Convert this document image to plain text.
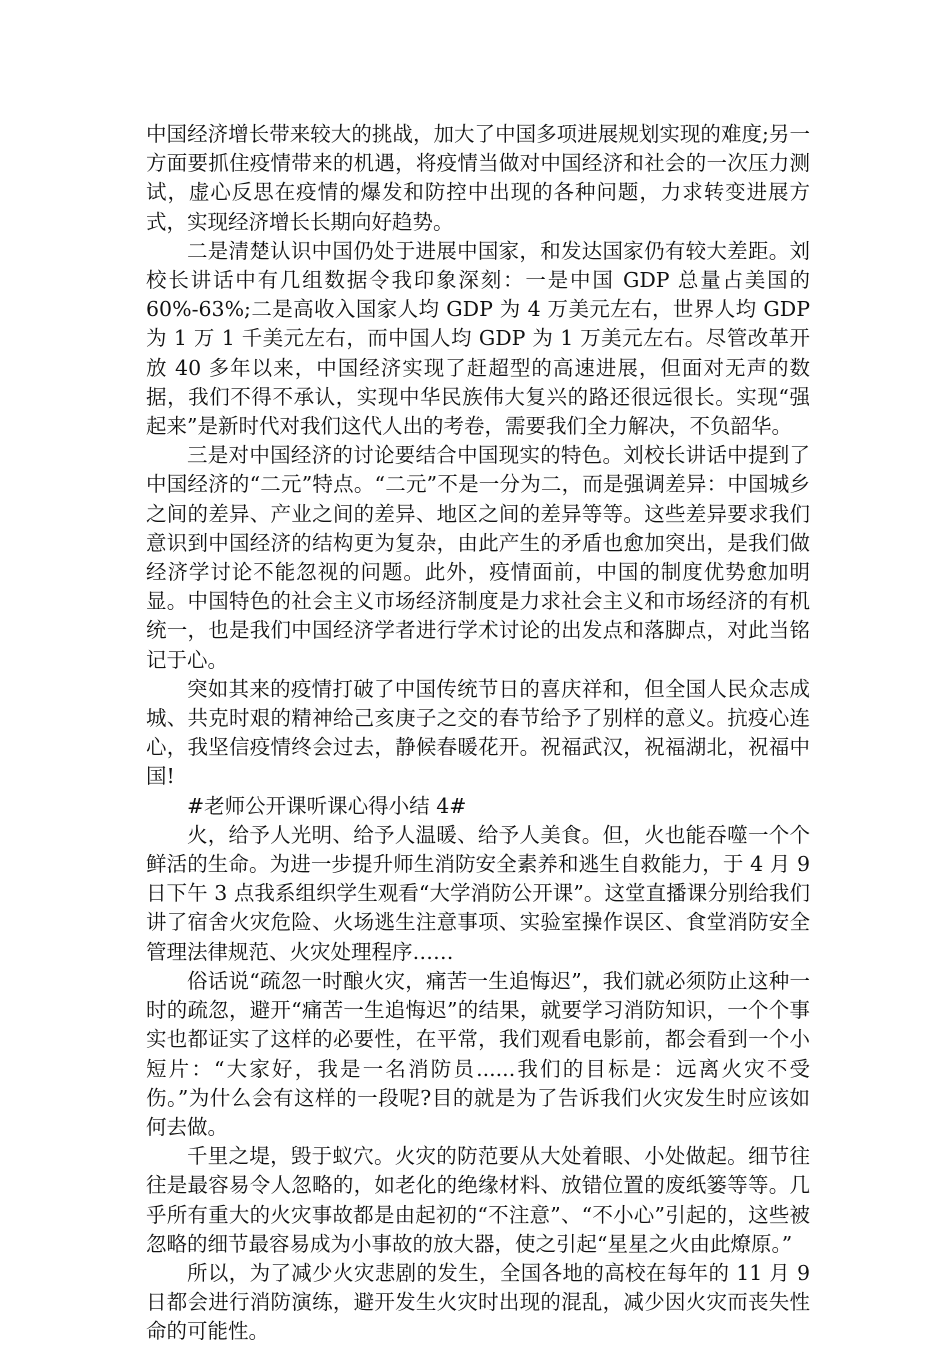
中国经济增长带来较大的挑战，加大了中国多项进展规划实现的难度;另一方面要抓住疫情带来的机遇，将疫情当做对中国经济和社会的一次压力测试，虚心反思在疫情的爆发和防控中出现的各种问题，力求转变进展方式，实现经济增长长期向好趋势。

二是清楚认识中国仍处于进展中国家，和发达国家仍有较大差距。刘校长讲话中有几组数据令我印象深刻：一是中国 GDP 总量占美国的 60%-63%;二是高收入国家人均 GDP 为 4 万美元左右，世界人均 GDP 为 1 万 1 千美元左右，而中国人均 GDP 为 1 万美元左右。尽管改革开放 40 多年以来，中国经济实现了赶超型的高速进展，但面对无声的数据，我们不得不承认，实现中华民族伟大复兴的路还很远很长。实现“强起来”是新时代对我们这代人出的考卷，需要我们全力解决，不负韶华。

三是对中国经济的讨论要结合中国现实的特色。刘校长讲话中提到了中国经济的“二元”特点。“二元”不是一分为二，而是强调差异：中国城乡之间的差异、产业之间的差异、地区之间的差异等等。这些差异要求我们意识到中国经济的结构更为复杂，由此产生的矛盾也愈加突出，是我们做经济学讨论不能忽视的问题。此外，疫情面前，中国的制度优势愈加明显。中国特色的社会主义市场经济制度是力求社会主义和市场经济的有机统一，也是我们中国经济学者进行学术讨论的出发点和落脚点，对此当铭记于心。

突如其来的疫情打破了中国传统节日的喜庆祥和，但全国人民众志成城、共克时艰的精神给己亥庚子之交的春节给予了别样的意义。抗疫心连心，我坚信疫情终会过去，静候春暖花开。祝福武汉，祝福湖北，祝福中国!

#老师公开课听课心得小结 4#

火，给予人光明、给予人温暖、给予人美食。但，火也能吞噬一个个鲜活的生命。为进一步提升师生消防安全素养和逃生自救能力，于 4 月 9 日下午 3 点我系组织学生观看“大学消防公开课”。这堂直播课分别给我们讲了宿舍火灾危险、火场逃生注意事项、实验室操作误区、食堂消防安全管理法律规范、火灾处理程序……

俗话说“疏忽一时酿火灾，痛苦一生追悔迟”，我们就必须防止这种一时的疏忽，避开“痛苦一生追悔迟”的结果，就要学习消防知识，一个个事实也都证实了这样的必要性，在平常，我们观看电影前，都会看到一个小短片：“大家好，我是一名消防员......我们的目标是：远离火灾不受伤。”为什么会有这样的一段呢?目的就是为了告诉我们火灾发生时应该如何去做。

千里之堤，毁于蚁穴。火灾的防范要从大处着眼、小处做起。细节往往是最容易令人忽略的，如老化的绝缘材料、放错位置的废纸篓等等。几乎所有重大的火灾事故都是由起初的“不注意”、“不小心”引起的，这些被忽略的细节最容易成为小事故的放大器，使之引起“星星之火由此燎原。”

所以，为了减少火灾悲剧的发生，全国各地的高校在每年的 11 月 9 日都会进行消防演练，避开发生火灾时出现的混乱，减少因火灾而丧失性命的可能性。
